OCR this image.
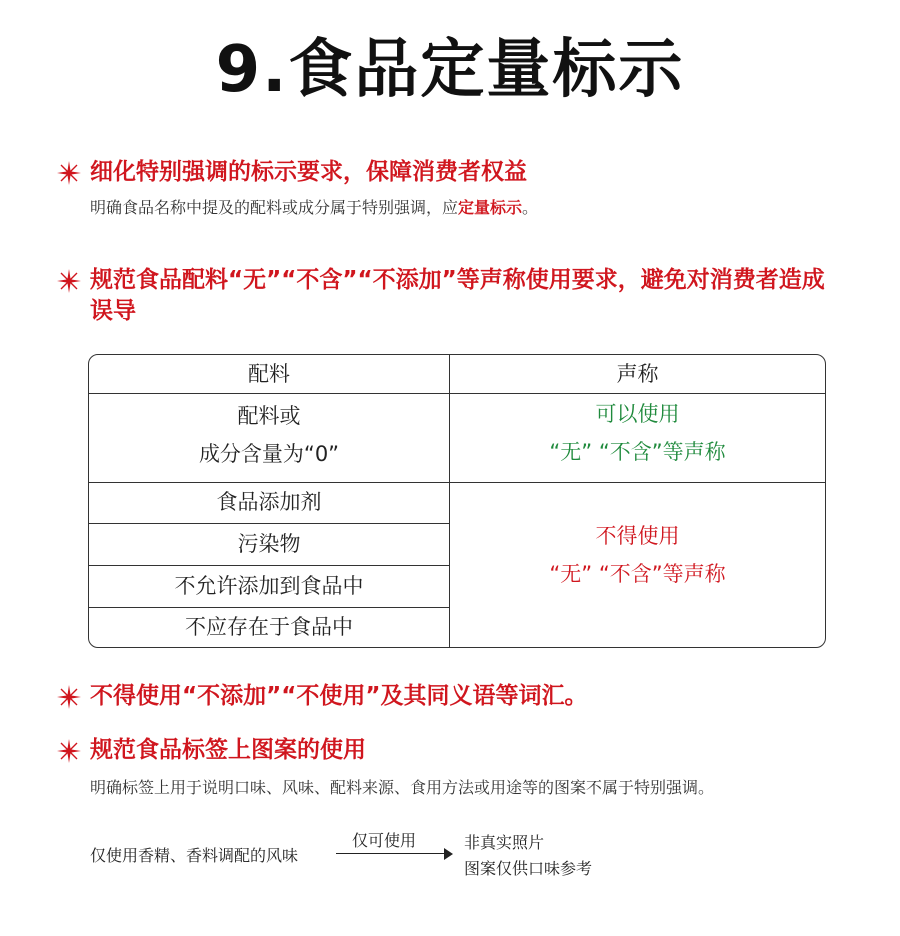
9.食品定量标示
细化特别强调的标示要求，保障消费者权益
明确食品名称中提及的配料或成分属于特别强调，应定量标示。
规范食品配料“无”“不含”“不添加”等声称使用要求，避免对消费者造成误导
配料	声称
配料或
成分含量为“0”
可以使用
“无” “不含”等声称
食品添加剂
污染物
不允许添加到食品中
不应存在于食品中
不得使用
“无” “不含”等声称
不得使用“不添加”“不使用”及其同义语等词汇。
规范食品标签上图案的使用
明确标签上用于说明口味、风味、配料来源、食用方法或用途等的图案不属于特别强调。
仅使用香精、香料调配的风味
仅可使用	非真实照片
图案仅供口味参考
